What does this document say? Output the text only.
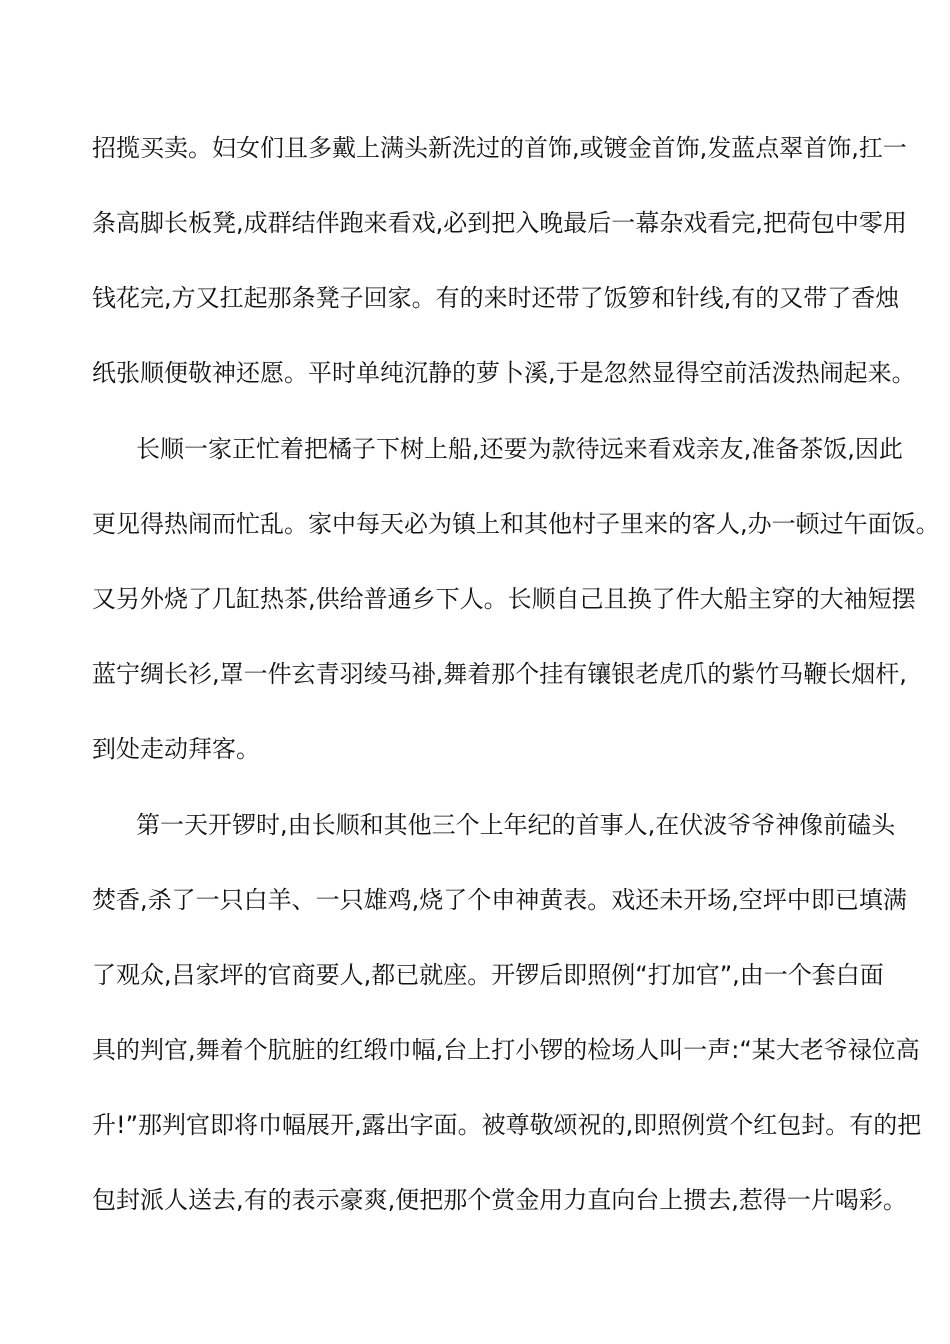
招揽买卖。妇女们且多戴上满头新洗过的首饰,或镀金首饰,发蓝点翠首饰,扛一
条高脚长板凳,成群结伴跑来看戏,必到把入晚最后一幕杂戏看完,把荷包中零用
钱花完,方又扛起那条凳子回家。有的来时还带了饭箩和针线,有的又带了香烛
纸张顺便敬神还愿。平时单纯沉静的萝卜溪,于是忽然显得空前活泼热闹起来。
长顺一家正忙着把橘子下树上船,还要为款待远来看戏亲友,准备茶饭,因此
更见得热闹而忙乱。家中每天必为镇上和其他村子里来的客人,办一顿过午面饭。
又另外烧了几缸热茶,供给普通乡下人。长顺自己且换了件大船主穿的大袖短摆
蓝宁绸长衫,罩一件玄青羽绫马褂,舞着那个挂有镶银老虎爪的紫竹马鞭长烟杆,
到处走动拜客。
第一天开锣时,由长顺和其他三个上年纪的首事人,在伏波爷爷神像前磕头
焚香,杀了一只白羊、一只雄鸡,烧了个申神黄表。戏还未开场,空坪中即已填满
了观众,吕家坪的官商要人,都已就座。开锣后即照例“打加官”,由一个套白面
具的判官,舞着个肮脏的红缎巾幅,台上打小锣的检场人叫一声:“某大老爷禄位高
升!”那判官即将巾幅展开,露出字面。被尊敬颂祝的,即照例赏个红包封。有的把
包封派人送去,有的表示豪爽,便把那个赏金用力直向台上掼去,惹得一片喝彩。
